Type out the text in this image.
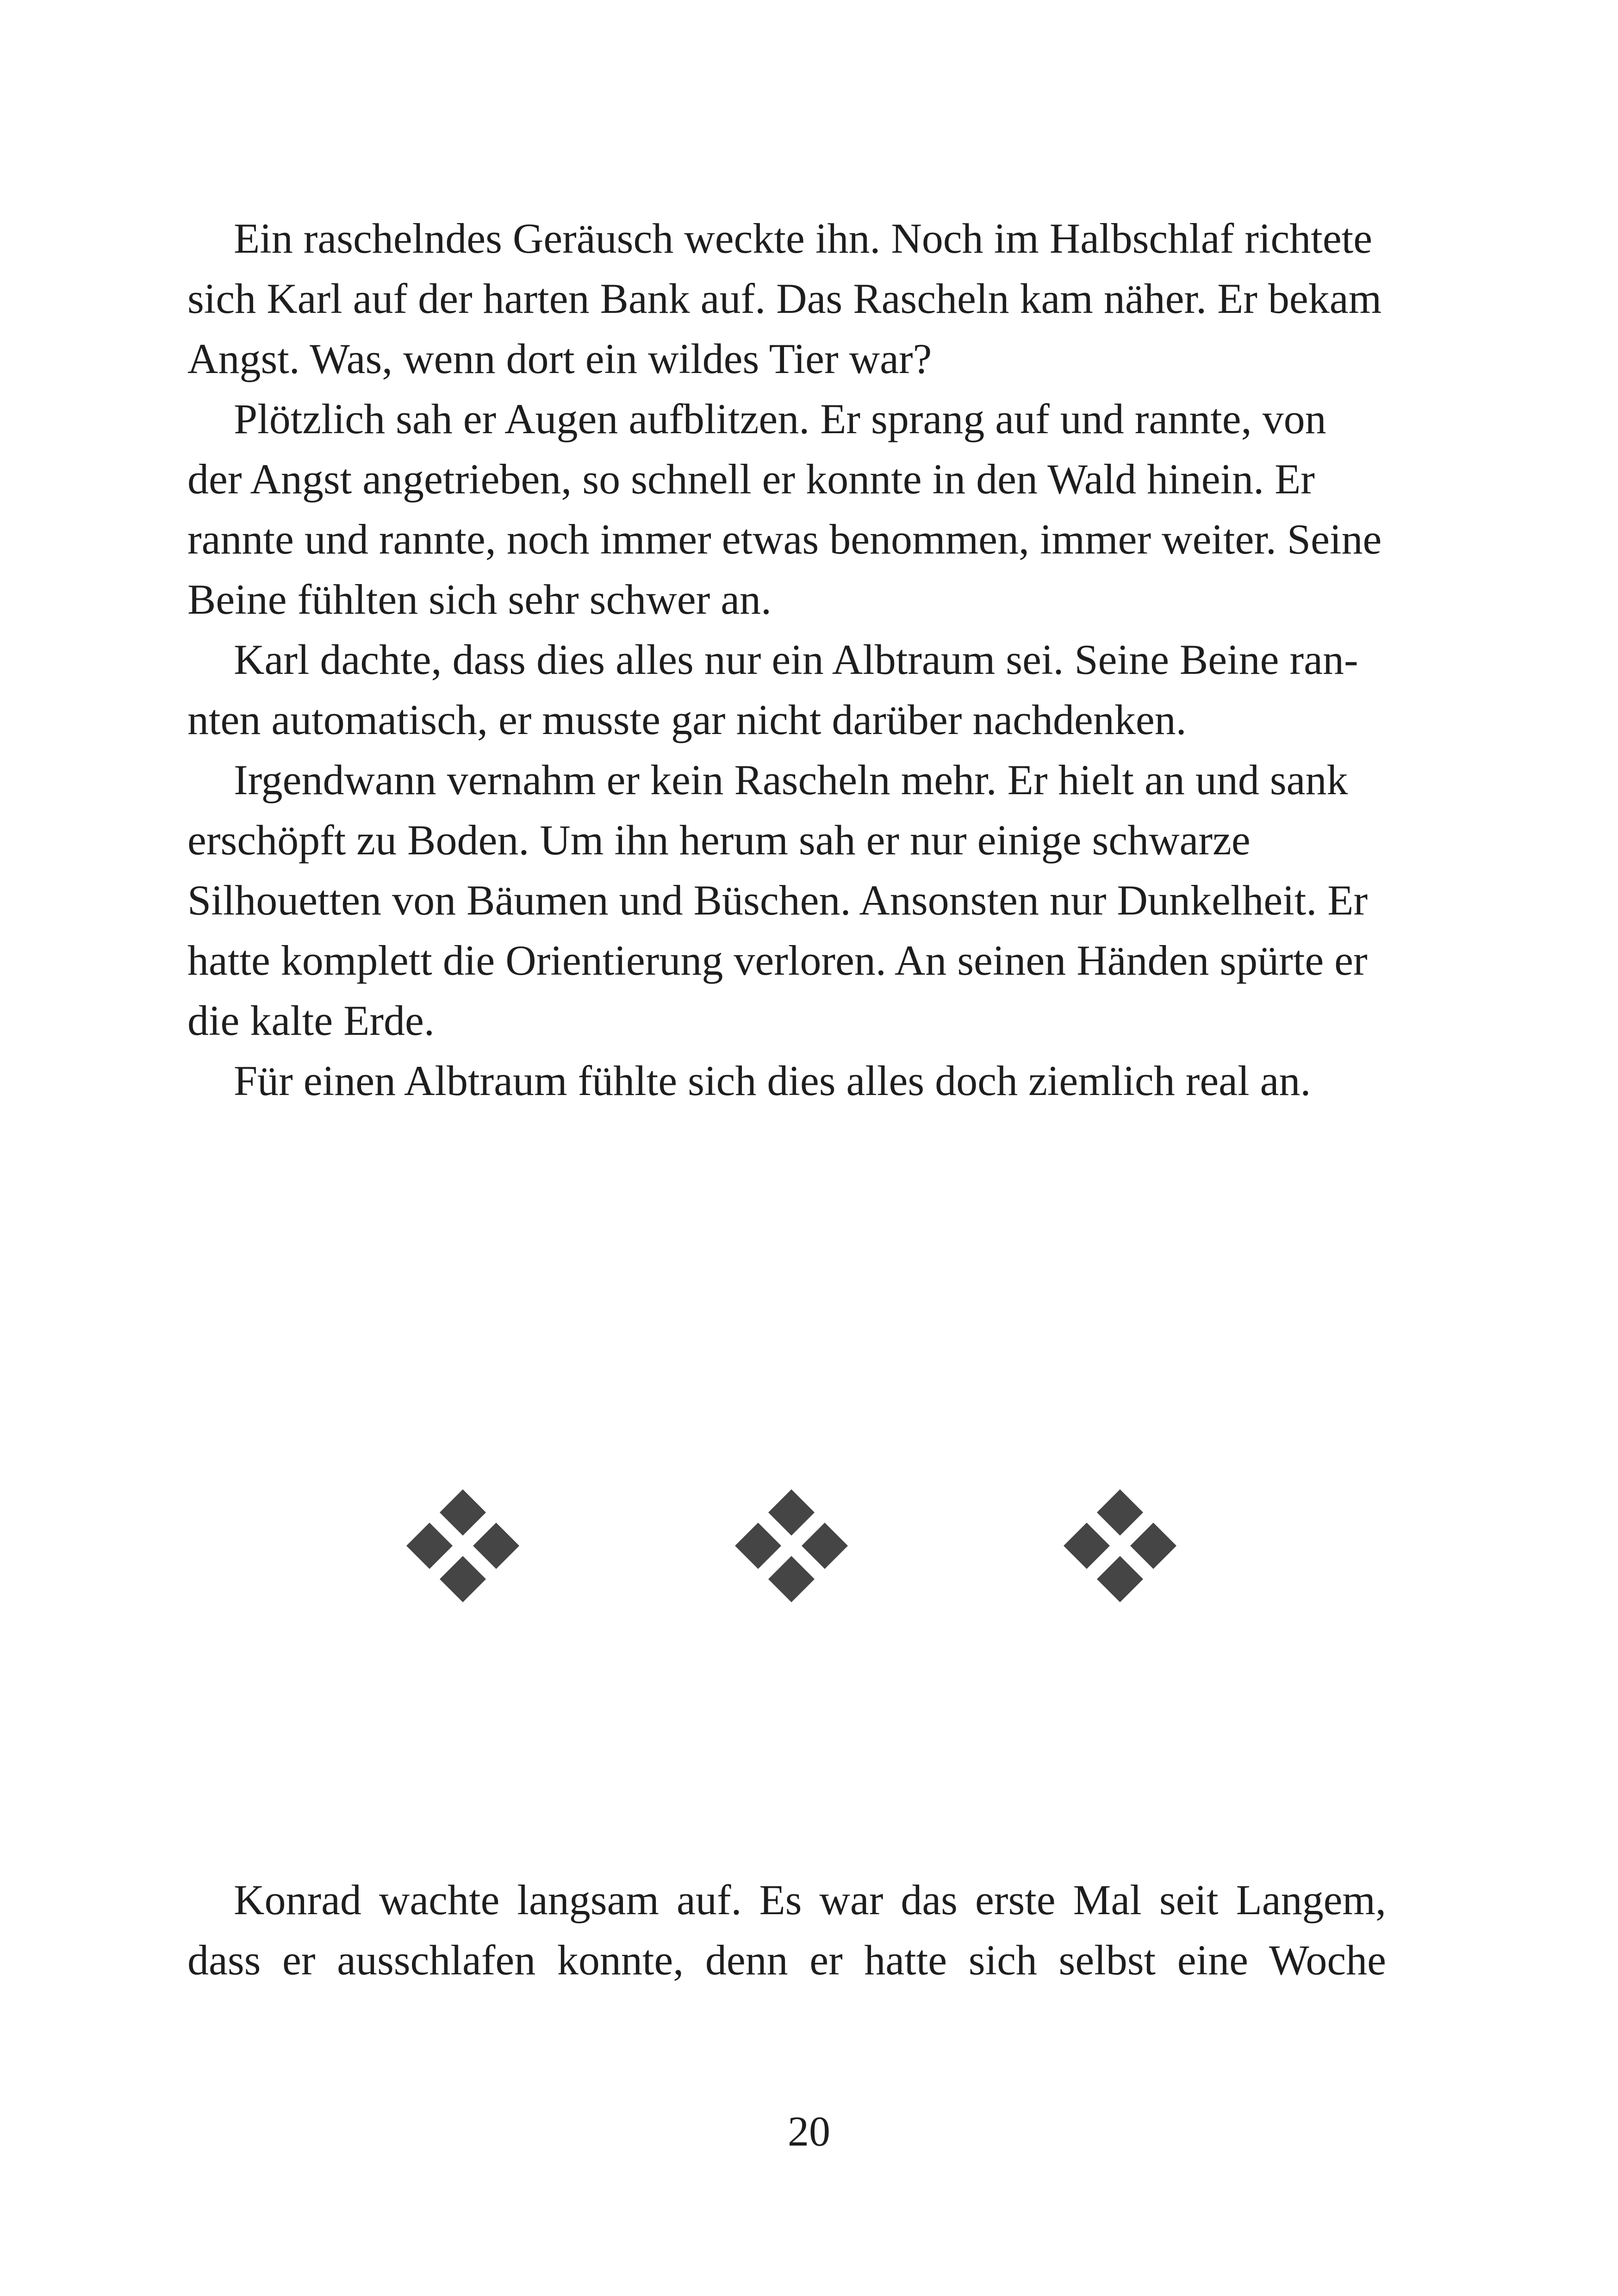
Ein raschelndes Geräusch weckte ihn. Noch im Halbschlaf richtete sich Karl auf der harten Bank auf. Das Rascheln kam näher. Er bekam Angst. Was, wenn dort ein wildes Tier war?

Plötzlich sah er Augen aufblitzen. Er sprang auf und rannte, von der Angst angetrieben, so schnell er konnte in den Wald hinein. Er rannte und rannte, noch immer etwas benommen, immer weiter. Seine Beine fühlten sich sehr schwer an.

Karl dachte, dass dies alles nur ein Albtraum sei. Seine Beine rannten automatisch, er musste gar nicht darüber nachdenken.

Irgendwann vernahm er kein Rascheln mehr. Er hielt an und sank erschöpft zu Boden. Um ihn herum sah er nur einige schwarze Silhouetten von Bäumen und Büschen. Ansonsten nur Dunkelheit. Er hatte komplett die Orientierung verloren. An seinen Händen spürte er die kalte Erde.

Für einen Albtraum fühlte sich dies alles doch ziemlich real an.

Konrad wachte langsam auf. Es war das erste Mal seit Langem, dass er ausschlafen konnte, denn er hatte sich selbst eine Woche

20
